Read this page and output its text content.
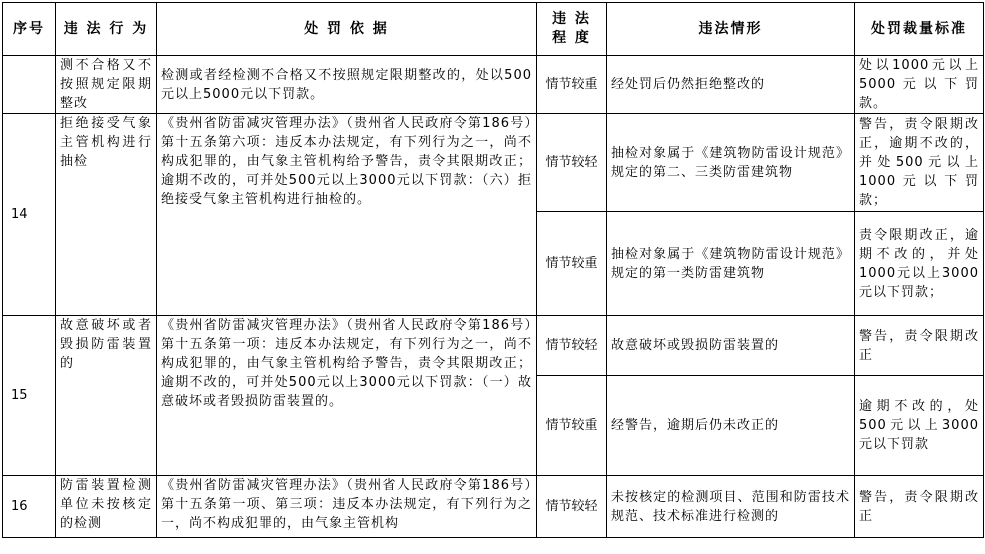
序号	违 法 行 为	处 罚 依 据	违 法 程 度	违法情形	处罚裁量标准
	测不合格又不按照规定限期整改	检测或者经检测不合格又不按照规定限期整改的，处以500元以上5000元以下罚款。	情节较重	经处罚后仍然拒绝整改的	处以1000元以上5000元以下罚款。
14	拒绝接受气象主管机构进行抽检	《贵州省防雷减灾管理办法》（贵州省人民政府令第186号）第十五条第六项：违反本办法规定，有下列行为之一，尚不构成犯罪的，由气象主管机构给予警告，责令其限期改正；逾期不改的，可并处500元以上3000元以下罚款：（六）拒绝接受气象主管机构进行抽检的。	情节较轻	抽检对象属于《建筑物防雷设计规范》规定的第二、三类防雷建筑物	警告，责令限期改正，逾期不改的，并处500元以上1000元以下罚款；
			情节较重	抽检对象属于《建筑物防雷设计规范》规定的第一类防雷建筑物	责令限期改正，逾期不改的，并处1000元以上3000元以下罚款；
15	故意破坏或者毁损防雷装置的	《贵州省防雷减灾管理办法》（贵州省人民政府令第186号）第十五条第一项：违反本办法规定，有下列行为之一，尚不构成犯罪的，由气象主管机构给予警告，责令其限期改正；逾期不改的，可并处500元以上3000元以下罚款：（一）故意破坏或者毁损防雷装置的。	情节较轻	故意破坏或毁损防雷装置的	警告，责令限期改正
			情节较重	经警告，逾期后仍未改正的	逾期不改的，处500元以上3000元以下罚款
16	防雷装置检测单位未按核定的检测	《贵州省防雷减灾管理办法》（贵州省人民政府令第186号）第十五条第一项、第三项：违反本办法规定，有下列行为之一，尚不构成犯罪的，由气象主管机构	情节较轻	未按核定的检测项目、范围和防雷技术规范、技术标准进行检测的	警告，责令限期改正
